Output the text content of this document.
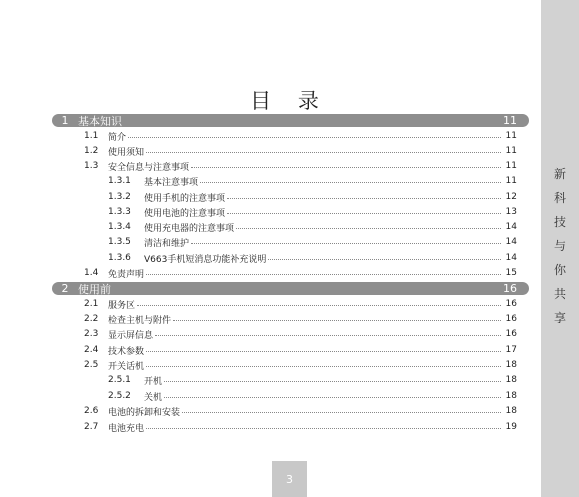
新
科
技
与
你
共
享
目 录
1 基本知识	11
1.1	简介	11
1.2	使用须知	11
1.3	安全信息与注意事项	11
1.3.1	基本注意事项	11
1.3.2	使用手机的注意事项	12
1.3.3	使用电池的注意事项	13
1.3.4	使用充电器的注意事项	14
1.3.5	清洁和维护	14
1.3.6	V663手机短消息功能补充说明	14
1.4	免责声明	15
2 使用前	16
2.1	服务区	16
2.2	检查主机与附件	16
2.3	显示屏信息	16
2.4	技术参数	17
2.5	开关话机	18
2.5.1	开机	18
2.5.2	关机	18
2.6	电池的拆卸和安装	18
2.7	电池充电	19
3
